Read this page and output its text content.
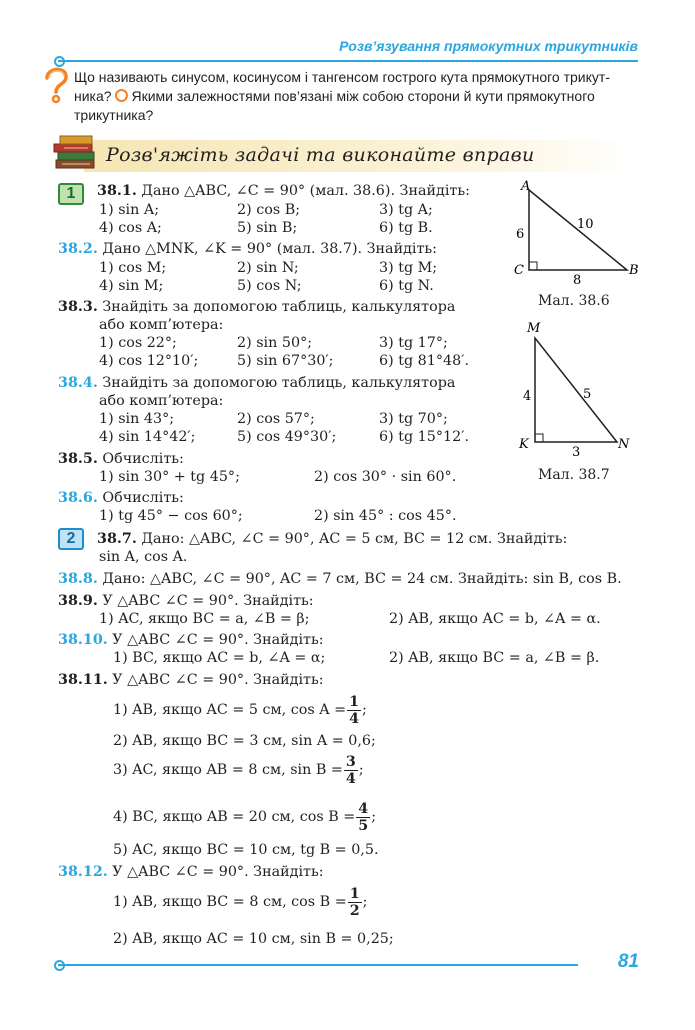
Розв’язування прямокутних трикутників
Що називають синусом, косинусом і тангенсом гострого кута прямокутного трикут-
ника? Якими залежностями пов’язані між собою сторони й кути прямокутного
трикутника?
Розв'яжіть задачі та виконайте вправи
1	38.1. Дано △ABC, ∠C = 90° (мал. 38.6). Знайдіть:
1) sin A;	2) cos B;	3) tg A;
4) cos A;	5) sin B;	6) tg B.
38.2. Дано △MNK, ∠K = 90° (мал. 38.7). Знайдіть:
1) cos M;	2) sin N;	3) tg M;
4) sin M;	5) cos N;	6) tg N.
38.3. Знайдіть за допомогою таблиць, калькулятора
або комп’ютера:
1) cos 22°;	2) sin 50°;	3) tg 17°;
4) cos 12°10′;	5) sin 67°30′;	6) tg 81°48′.
38.4. Знайдіть за допомогою таблиць, калькулятора
або комп’ютера:
1) sin 43°;	2) cos 57°;	3) tg 70°;
4) sin 14°42′;	5) cos 49°30′;	6) tg 15°12′.
38.5. Обчисліть:
1) sin 30° + tg 45°;	2) cos 30° · sin 60°.
38.6. Обчисліть:
1) tg 45° − cos 60°;	2) sin 45° : cos 45°.
2	38.7. Дано: △ABC, ∠C = 90°, AC = 5 см, BC = 12 см. Знайдіть:
sin A, cos A.
38.8. Дано: △ABC, ∠C = 90°, AC = 7 см, BC = 24 см. Знайдіть: sin B, cos B.
38.9. У △ABC ∠C = 90°. Знайдіть:
1) AC, якщо BC = a, ∠B = β;	2) AB, якщо AC = b, ∠A = α.
38.10. У △ABC ∠C = 90°. Знайдіть:
1) BC, якщо AC = b, ∠A = α;	2) AB, якщо BC = a, ∠B = β.
38.11. У △ABC ∠C = 90°. Знайдіть:
1) AB, якщо AC = 5 см, $\cos A = \frac{1}{4}$ ;
2) AB, якщо BC = 3 см, sin A = 0,6;
3) AC, якщо AB = 8 см, $\sin B = \frac{3}{4}$ ;
4) BC, якщо AB = 20 см, $\cos B = \frac{4}{5}$ ;
5) AC, якщо BC = 10 см, tg B = 0,5.
38.12. У △ABC ∠C = 90°. Знайдіть:
1) AB, якщо BC = 8 см, $\cos B = \frac{1}{2}$ ;
2) AB, якщо AC = 10 см, sin B = 0,25;
A
C	B
6
10
8
Мал. 38.6
M
K	N
4	5
3
Мал. 38.7
81
